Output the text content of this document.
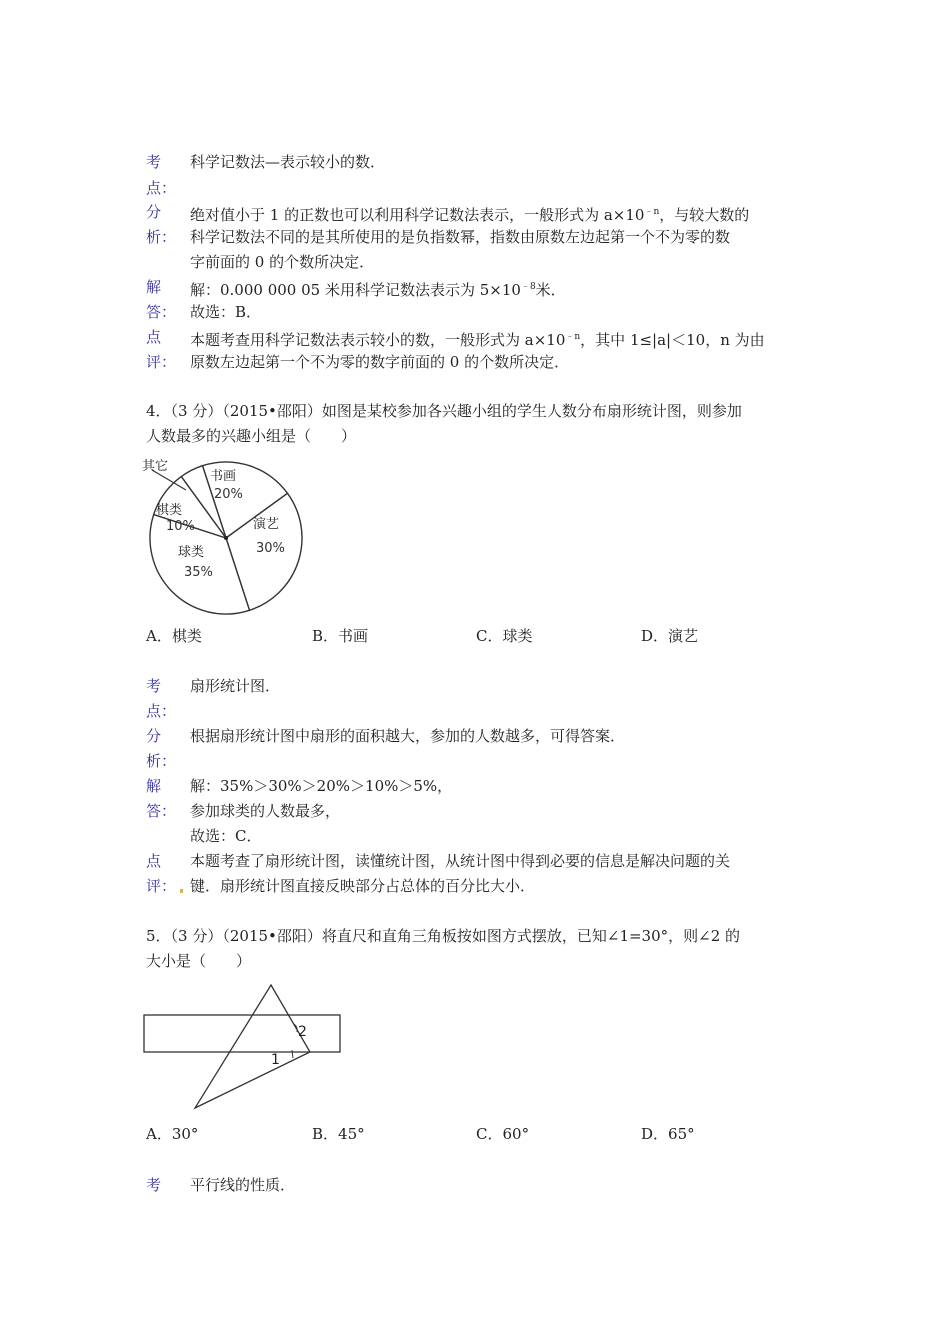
考 科学记数法—表示较小的数．
点：
分 绝对值小于 1 的正数也可以利用科学记数法表示，一般形式为 $a\times 10^{﹣n}$，与较大数的
析： 科学记数法不同的是其所使用的是负指数幂，指数由原数左边起第一个不为零的数
字前面的 0 的个数所决定．
解 解：0.000 000 05 米用科学记数法表示为 $5\times 10^{﹣8}$米．
答： 故选：B．
点 本题考查用科学记数法表示较小的数，一般形式为 $a\times 10^{﹣n}$，其中 1≤|a|＜10，n 为由
评： 原数左边起第一个不为零的数字前面的 0 的个数所决定．
4．（3 分）（2015•邵阳）如图是某校参加各兴趣小组的学生人数分布扇形统计图，则参加
人数最多的兴趣小组是（　　）
其它
书画
20%
演艺
30%
棋类
10%
球类
35%
A．棋类	B．书画	C．球类	D．演艺
考 扇形统计图．
点：
分 根据扇形统计图中扇形的面积越大，参加的人数越多，可得答案．
析：
解 解：35%＞30%＞20%＞10%＞5%，
答： 参加球类的人数最多，
故选：C．
点 本题考查了扇形统计图，读懂统计图，从统计图中得到必要的信息是解决问题的关
评： 键．扇形统计图直接反映部分占总体的百分比大小．
5．（3 分）（2015•邵阳）将直尺和直角三角板按如图方式摆放，已知∠1=30°，则∠2 的
大小是（　　）
1
2
A．30°	B．45°	C．60°	D．65°
考 平行线的性质．
